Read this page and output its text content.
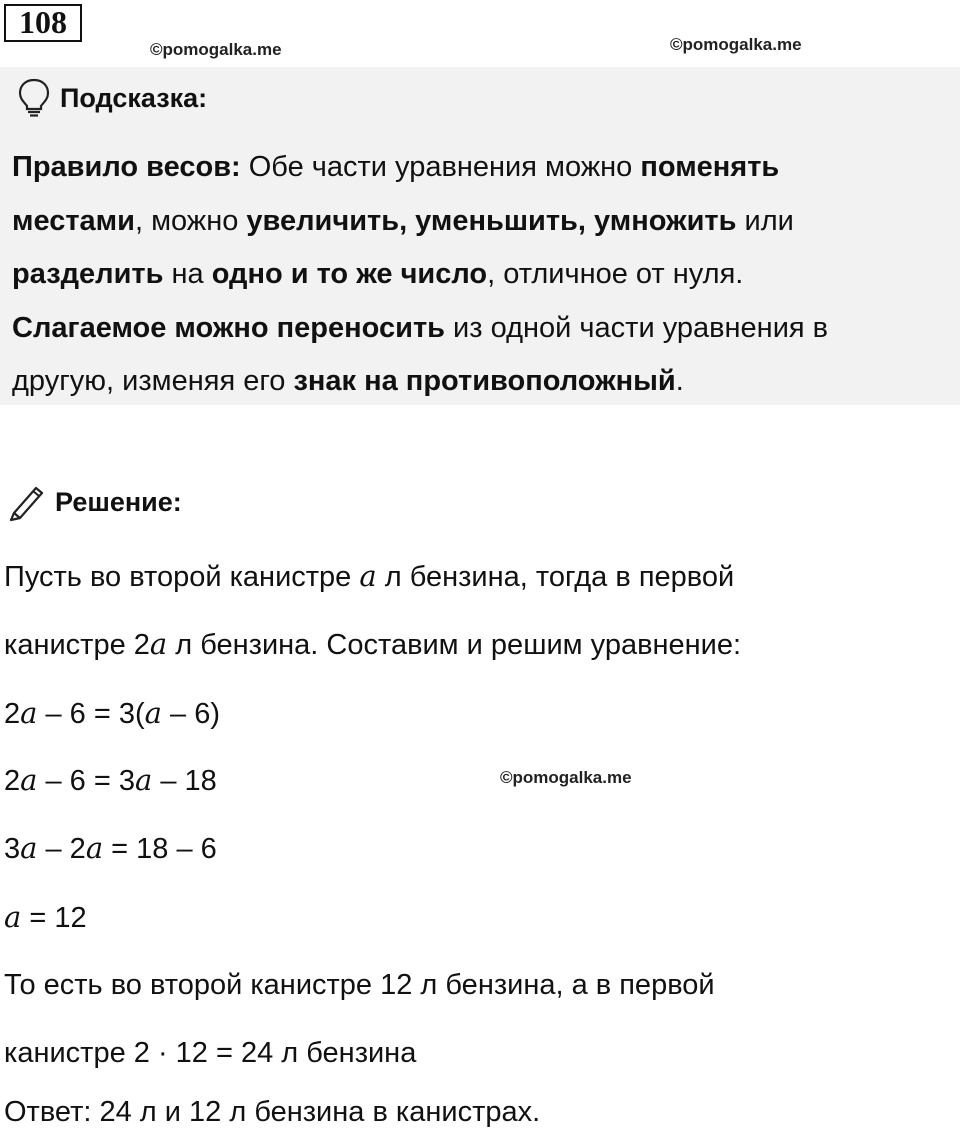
108
©pomogalka.me	©pomogalka.me
Подсказка:
Правило весов: Обе части уравнения можно поменять
местами, можно увеличить, уменьшить, умножить или
разделить на одно и то же число, отличное от нуля.
Слагаемое можно переносить из одной части уравнения в
другую, изменяя его знак на противоположный.
Решение:
Пусть во второй канистре a л бензина, тогда в первой
канистре 2a л бензина. Составим и решим уравнение:
2a – 6 = 3(a – 6)
2a – 6 = 3a – 18	©pomogalka.me
3a – 2a = 18 – 6
a = 12
То есть во второй канистре 12 л бензина, а в первой
канистре 2 · 12 = 24 л бензина
Ответ: 24 л и 12 л бензина в канистрах.
